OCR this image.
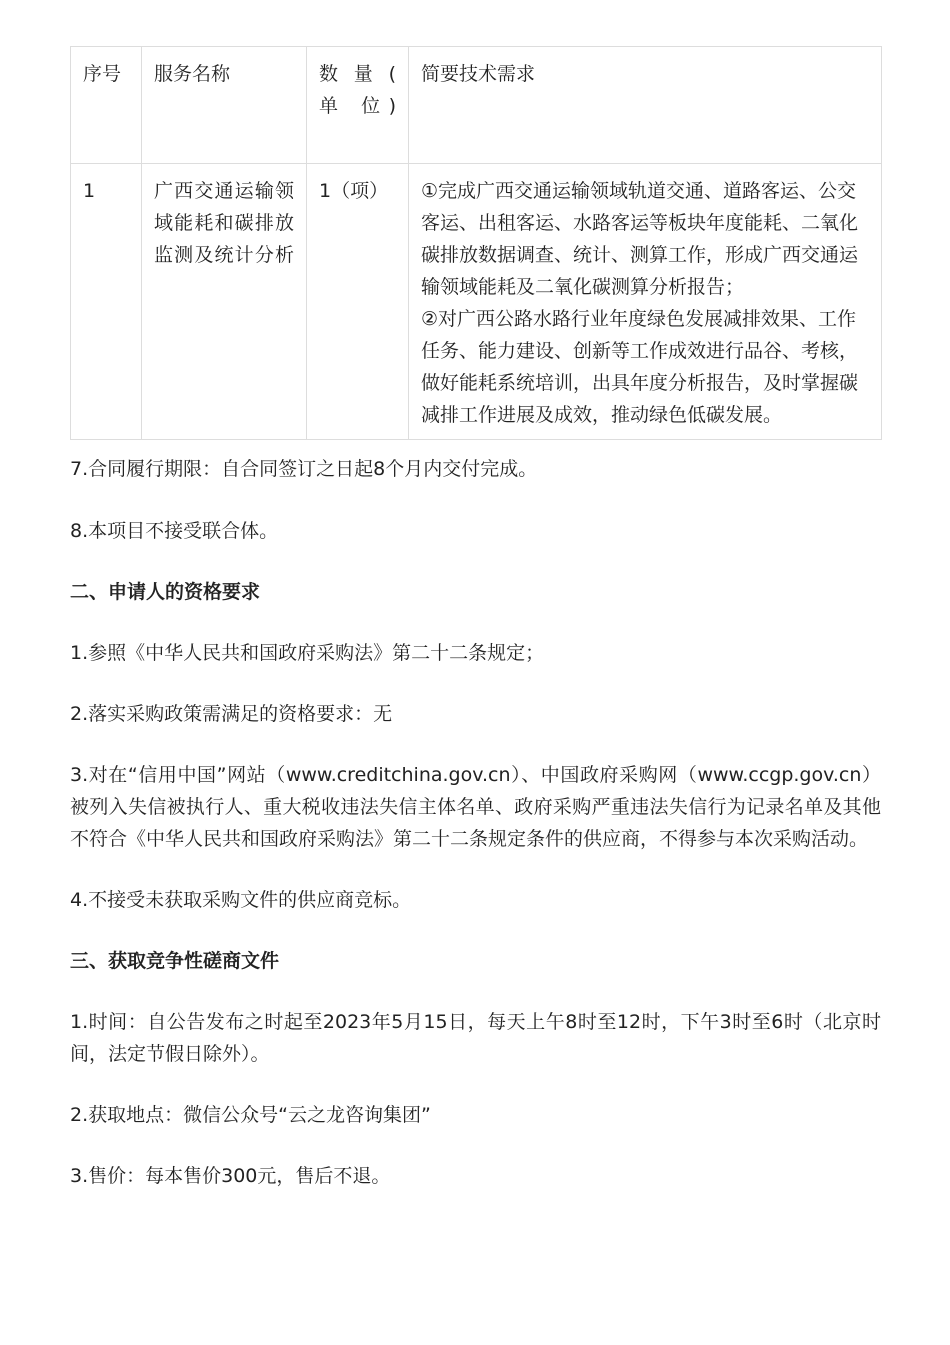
序号	服务名称	数 量 ( 单 位)	简要技术需求
1	广西交通运输领域能耗和碳排放监测及统计分析	1（项）	①完成广西交通运输领域轨道交通、道路客运、公交客运、出租客运、水路客运等板块年度能耗、二氧化碳排放数据调查、统计、测算工作，形成广西交通运输领域能耗及二氧化碳测算分析报告；

②对广西公路水路行业年度绿色发展减排效果、工作任务、能力建设、创新等工作成效进行品谷、考核，做好能耗系统培训，出具年度分析报告，及时掌握碳减排工作进展及成效，推动绿色低碳发展。

7.合同履行期限：自合同签订之日起8个月内交付完成。

8.本项目不接受联合体。

二、申请人的资格要求

1.参照《中华人民共和国政府采购法》第二十二条规定；

2.落实采购政策需满足的资格要求：无

3.对在“信用中国”网站（www.creditchina.gov.cn）、中国政府采购网（www.ccgp.gov.cn）被列入失信被执行人、重大税收违法失信主体名单、政府采购严重违法失信行为记录名单及其他不符合《中华人民共和国政府采购法》第二十二条规定条件的供应商，不得参与本次采购活动。

4.不接受未获取采购文件的供应商竞标。

三、获取竞争性磋商文件

1.时间：自公告发布之时起至2023年5月15日，每天上午8时至12时，下午3时至6时（北京时间，法定节假日除外）。

2.获取地点：微信公众号“云之龙咨询集团”

3.售价：每本售价300元，售后不退。
